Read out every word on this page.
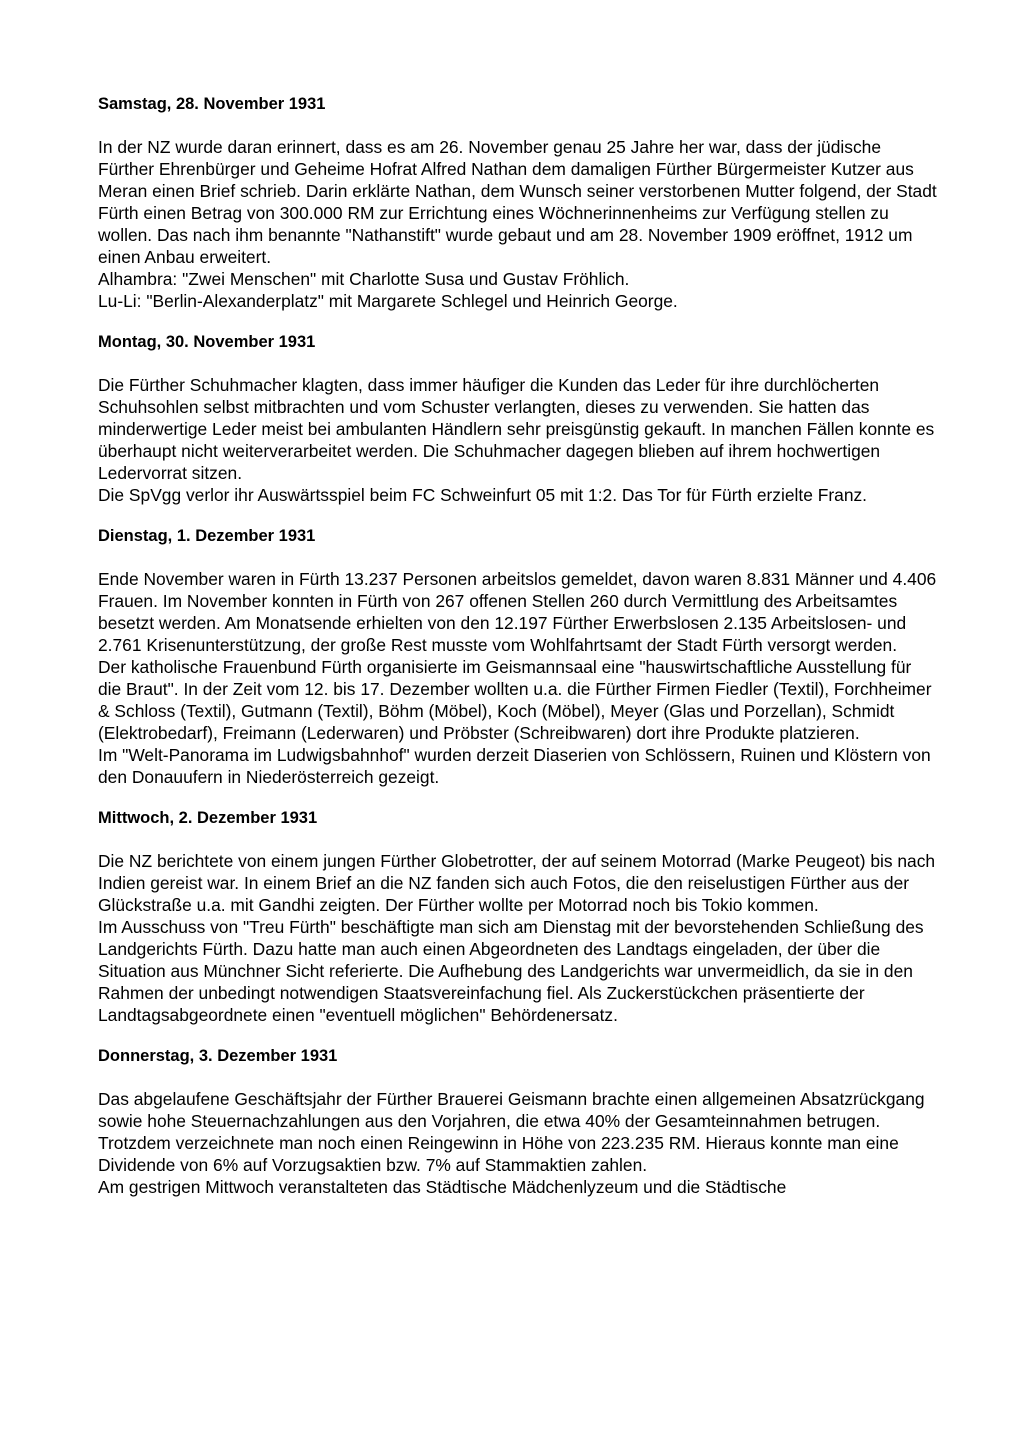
Samstag, 28. November 1931

In der NZ wurde daran erinnert, dass es am 26. November genau 25 Jahre her war, dass der jüdische Fürther Ehrenbürger und Geheime Hofrat Alfred Nathan dem damaligen Fürther Bürgermeister Kutzer aus Meran einen Brief schrieb. Darin erklärte Nathan, dem Wunsch seiner verstorbenen Mutter folgend, der Stadt Fürth einen Betrag von 300.000 RM zur Errichtung eines Wöchnerinnenheims zur Verfügung stellen zu wollen. Das nach ihm benannte "Nathanstift" wurde gebaut und am 28. November 1909 eröffnet, 1912 um einen Anbau erweitert.

Alhambra: "Zwei Menschen" mit Charlotte Susa und Gustav Fröhlich.

Lu-Li: "Berlin-Alexanderplatz" mit Margarete Schlegel und Heinrich George.

Montag, 30. November 1931

Die Fürther Schuhmacher klagten, dass immer häufiger die Kunden das Leder für ihre durchlöcherten Schuhsohlen selbst mitbrachten und vom Schuster verlangten, dieses zu verwenden. Sie hatten das minderwertige Leder meist bei ambulanten Händlern sehr preisgünstig gekauft. In manchen Fällen konnte es überhaupt nicht weiterverarbeitet werden. Die Schuhmacher dagegen blieben auf ihrem hochwertigen Ledervorrat sitzen.

Die SpVgg verlor ihr Auswärtsspiel beim FC Schweinfurt 05 mit 1:2. Das Tor für Fürth erzielte Franz.

Dienstag, 1. Dezember 1931

Ende November waren in Fürth 13.237 Personen arbeitslos gemeldet, davon waren 8.831 Männer und 4.406 Frauen. Im November konnten in Fürth von 267 offenen Stellen 260 durch Vermittlung des Arbeitsamtes besetzt werden. Am Monatsende erhielten von den 12.197 Fürther Erwerbslosen 2.135 Arbeitslosen- und 2.761 Krisenunterstützung, der große Rest musste vom Wohlfahrtsamt der Stadt Fürth versorgt werden.

Der katholische Frauenbund Fürth organisierte im Geismannsaal eine "hauswirtschaftliche Ausstellung für die Braut". In der Zeit vom 12. bis 17. Dezember wollten u.a. die Fürther Firmen Fiedler (Textil), Forchheimer & Schloss (Textil), Gutmann (Textil), Böhm (Möbel), Koch (Möbel), Meyer (Glas und Porzellan), Schmidt (Elektrobedarf), Freimann (Lederwaren) und Pröbster (Schreibwaren) dort ihre Produkte platzieren.

Im "Welt-Panorama im Ludwigsbahnhof" wurden derzeit Diaserien von Schlössern, Ruinen und Klöstern von den Donauufern in Niederösterreich gezeigt.

Mittwoch, 2. Dezember 1931

Die NZ berichtete von einem jungen Fürther Globetrotter, der auf seinem Motorrad (Marke Peugeot) bis nach Indien gereist war. In einem Brief an die NZ fanden sich auch Fotos, die den reiselustigen Fürther aus der Glückstraße u.a. mit Gandhi zeigten. Der Fürther wollte per Motorrad noch bis Tokio kommen.

Im Ausschuss von "Treu Fürth" beschäftigte man sich am Dienstag mit der bevorstehenden Schließung des Landgerichts Fürth. Dazu hatte man auch einen Abgeordneten des Landtags eingeladen, der über die Situation aus Münchner Sicht referierte. Die Aufhebung des Landgerichts war unvermeidlich, da sie in den Rahmen der unbedingt notwendigen Staatsvereinfachung fiel. Als Zuckerstückchen präsentierte der Landtagsabgeordnete einen "eventuell möglichen" Behördenersatz.

Donnerstag, 3. Dezember 1931

Das abgelaufene Geschäftsjahr der Fürther Brauerei Geismann brachte einen allgemeinen Absatzrückgang sowie hohe Steuernachzahlungen aus den Vorjahren, die etwa 40% der Gesamteinnahmen betrugen. Trotzdem verzeichnete man noch einen Reingewinn in Höhe von 223.235 RM. Hieraus konnte man eine Dividende von 6% auf Vorzugsaktien bzw. 7% auf Stammaktien zahlen.

Am gestrigen Mittwoch veranstalteten das Städtische Mädchenlyzeum und die Städtische
